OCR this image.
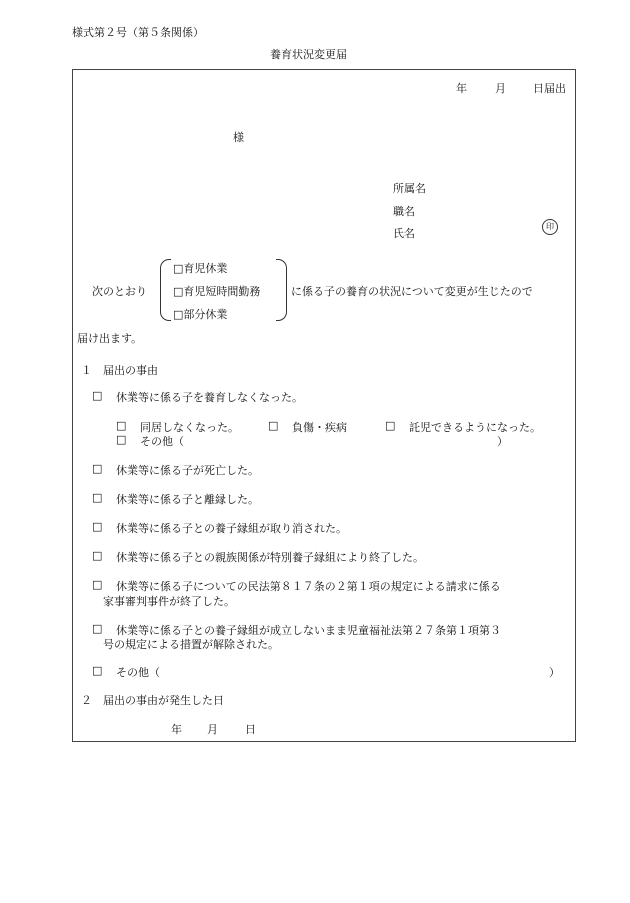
様式第２号（第５条関係）
養育状況変更届
年	月 日届出
様
所属名
職名
氏名
印
次のとおり
□育児休業
□育児短時間勤務
□部分休業
に係る子の養育の状況について変更が生じたので
届け出ます。
１　届出の事由
□ 休業等に係る子を養育しなくなった。
□ 同居しなくなった。	□ 負傷・疾病	□ 託児できるようになった。
□ その他（	）
□ 休業等に係る子が死亡した。
□ 休業等に係る子と離縁した。
□ 休業等に係る子との養子縁組が取り消された。
□ 休業等に係る子との親族関係が特別養子縁組により終了した。
□ 休業等に係る子についての民法第８１７条の２第１項の規定による請求に係る
家事審判事件が終了した。
□ 休業等に係る子との養子縁組が成立しないまま児童福祉法第２７条第１項第３
号の規定による措置が解除された。
□ その他（	）
２　届出の事由が発生した日
年 月 日
